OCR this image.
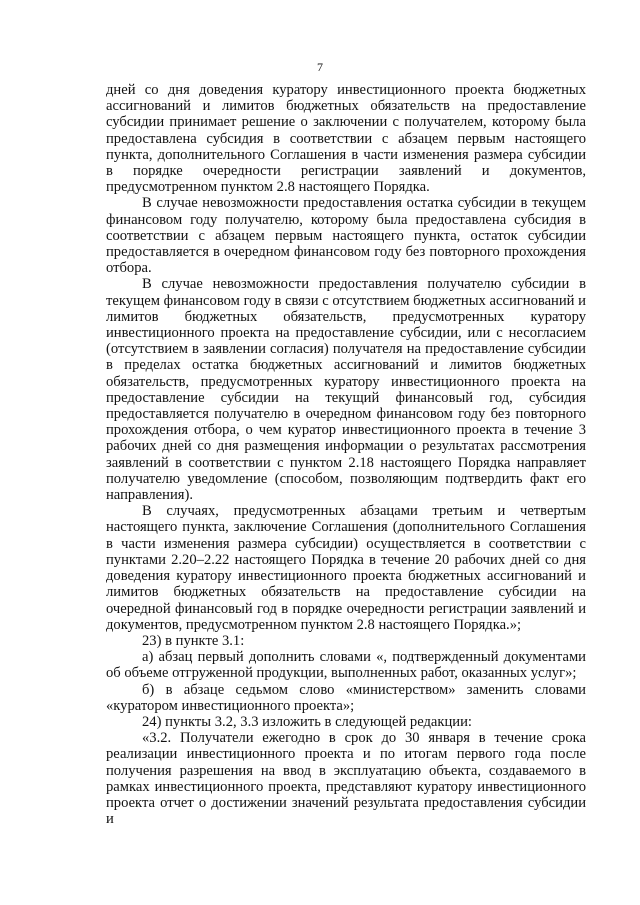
7

дней со дня доведения куратору инвестиционного проекта бюджетных ассигнований и лимитов бюджетных обязательств на предоставление субсидии принимает решение о заключении с получателем, которому была предоставлена субсидия в соответствии с абзацем первым настоящего пункта, дополнительного Соглашения в части изменения размера субсидии в порядке очередности регистрации заявлений и документов, предусмотренном пунктом 2.8 настоящего Порядка.

В случае невозможности предоставления остатка субсидии в текущем финансовом году получателю, которому была предоставлена субсидия в соответствии с абзацем первым настоящего пункта, остаток субсидии предоставляется в очередном финансовом году без повторного прохождения отбора.

В случае невозможности предоставления получателю субсидии в текущем финансовом году в связи с отсутствием бюджетных ассигнований и лимитов бюджетных обязательств, предусмотренных куратору инвестиционного проекта на предоставление субсидии, или с несогласием (отсутствием в заявлении согласия) получателя на предоставление субсидии в пределах остатка бюджетных ассигнований и лимитов бюджетных обязательств, предусмотренных куратору инвестиционного проекта на предоставление субсидии на текущий финансовый год, субсидия предоставляется получателю в очередном финансовом году без повторного прохождения отбора, о чем куратор инвестиционного проекта в течение 3 рабочих дней со дня размещения информации о результатах рассмотрения заявлений в соответствии с пунктом 2.18 настоящего Порядка направляет получателю уведомление (способом, позволяющим подтвердить факт его направления).

В случаях, предусмотренных абзацами третьим и четвертым настоящего пункта, заключение Соглашения (дополнительного Соглашения в части изменения размера субсидии) осуществляется в соответствии с пунктами 2.20–2.22 настоящего Порядка в течение 20 рабочих дней со дня доведения куратору инвестиционного проекта бюджетных ассигнований и лимитов бюджетных обязательств на предоставление субсидии на очередной финансовый год в порядке очередности регистрации заявлений и документов, предусмотренном пунктом 2.8 настоящего Порядка.»;

23) в пункте 3.1:

а) абзац первый дополнить словами «, подтвержденный документами об объеме отгруженной продукции, выполненных работ, оказанных услуг»;

б) в абзаце седьмом слово «министерством» заменить словами «куратором инвестиционного проекта»;

24) пункты 3.2, 3.3 изложить в следующей редакции:

«3.2. Получатели ежегодно в срок до 30 января в течение срока реализации инвестиционного проекта и по итогам первого года после получения разрешения на ввод в эксплуатацию объекта, создаваемого в рамках инвестиционного проекта, представляют куратору инвестиционного проекта отчет о достижении значений результата предоставления субсидии и
